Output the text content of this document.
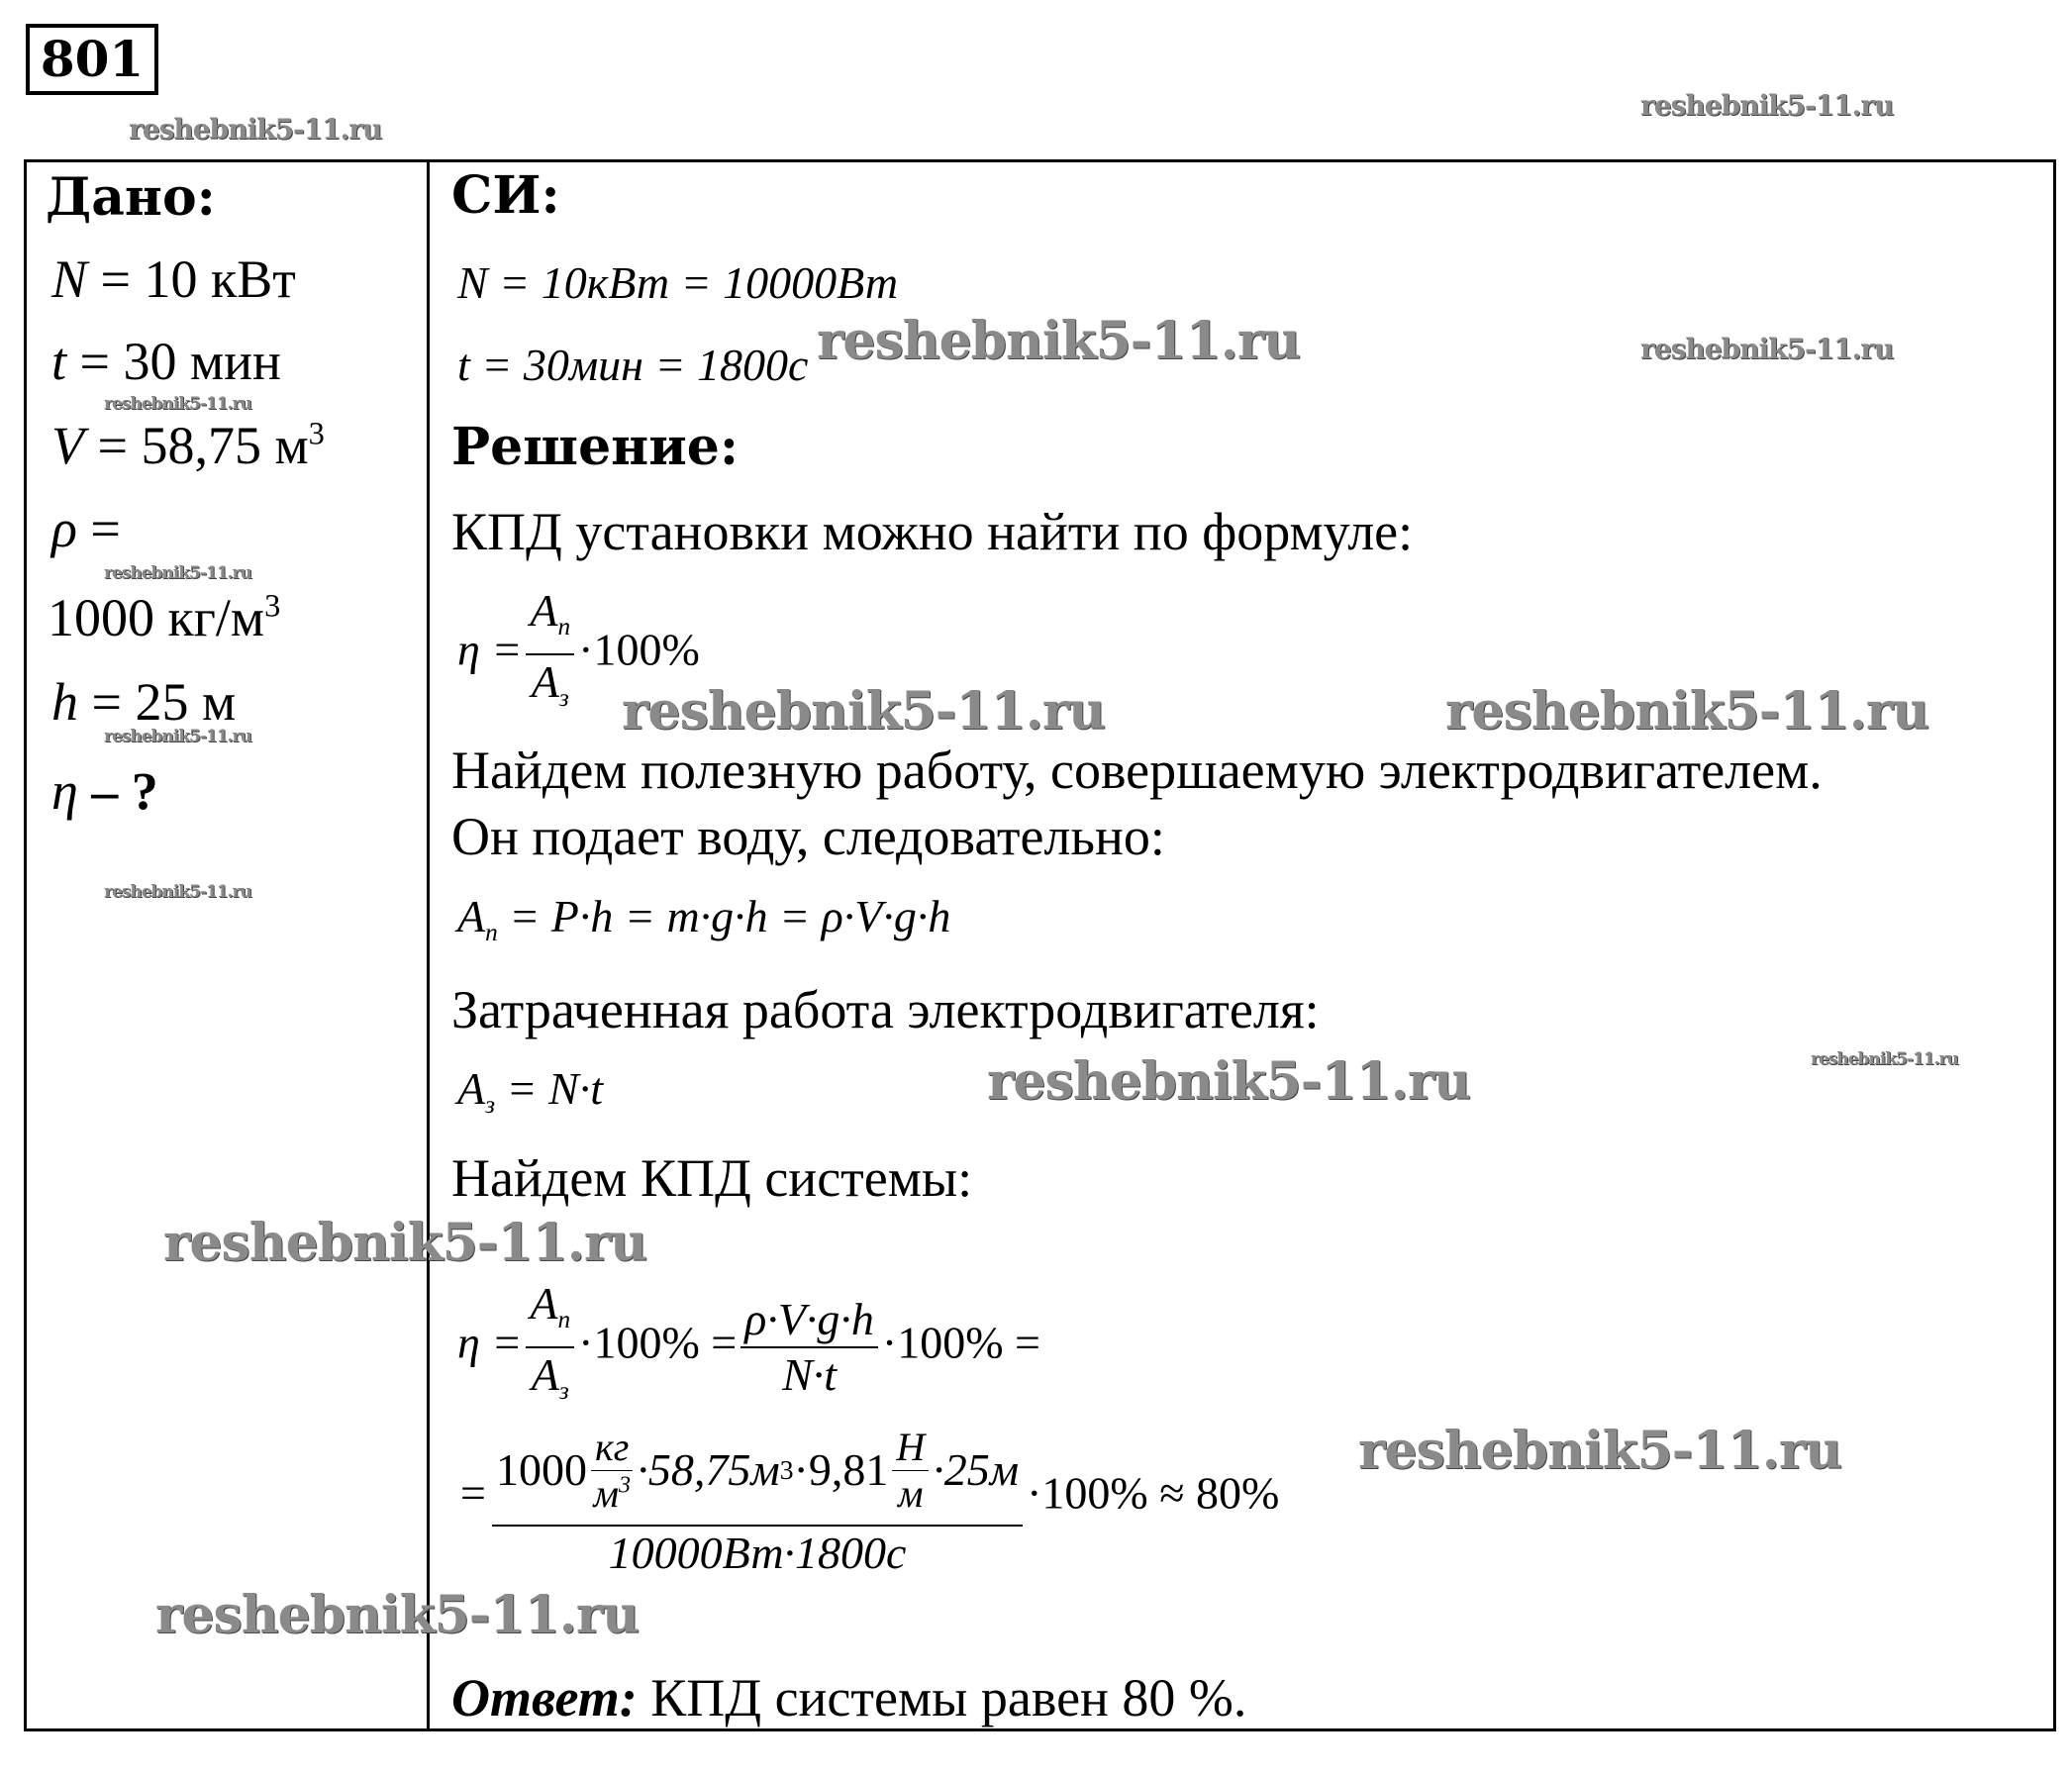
801
Дано:
N = 10 кВт
t = 30 мин
V = 58,75 $м^3$
ρ =
1000 $кг/м^3$
h = 25 м
η – ?
СИ:
N = 10кВт = 10000Вт
t = 30мин = 1800с
Решение:
КПД установки можно найти по формуле:
$\eta = \frac{A_п}{A_з} \cdot 100\%$
Найдем полезную работу, совершаемую электродвигателем.
Он подает воду, следовательно:
$A_п = P\cdot h = m\cdot g\cdot h = \rho\cdot V\cdot g\cdot h$
Затраченная работа электродвигателя:
$A_з = N\cdot t$
Найдем КПД системы:
$\eta = \frac{A_п}{A_з} \cdot 100\% = \frac{\rho\cdot V\cdot g\cdot h}{N\cdot t} \cdot 100\%$ =
= $\frac{1000 \frac{кг}{м^3} \cdot 58,75м 3 \cdot 9,81 \frac{Н}{м} \cdot 25м}{10000Вт\cdot 1800с} \cdot 100\% \approx 80\%$
Ответ: КПД системы равен 80 %.
reshebnik5-11.ru
reshebnik5-11.ru
reshebnik5-11.ru	reshebnik5-11.ru
reshebnik5-11.ru
reshebnik5-11.ru
reshebnik5-11.ru
reshebnik5-11.ru
reshebnik5-11.ru	reshebnik5-11.ru
reshebnik5-11.ru
reshebnik5-11.ru
reshebnik5-11.ru
reshebnik5-11.ru
reshebnik5-11.ru
